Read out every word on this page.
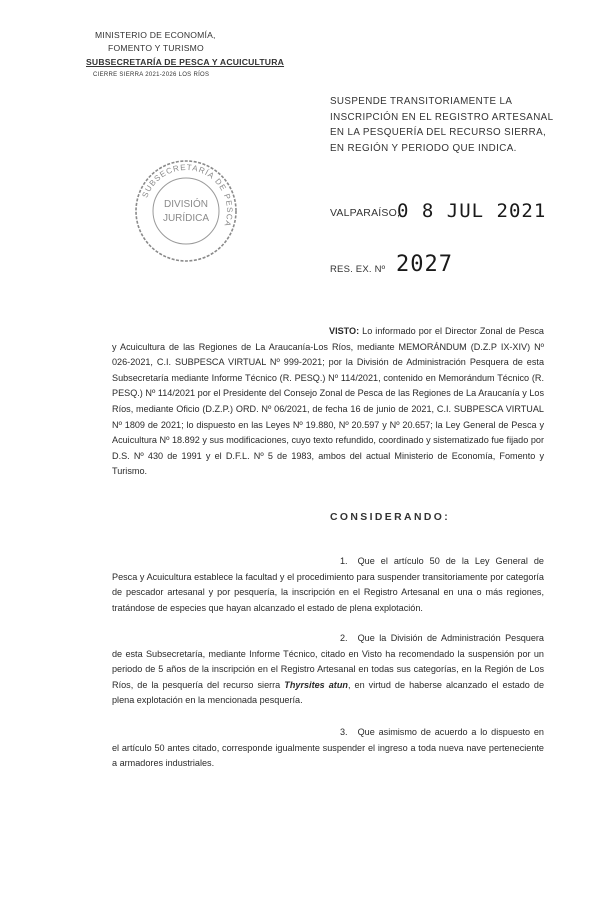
MINISTERIO DE ECONOMÍA,
FOMENTO Y TURISMO
SUBSECRETARÍA DE PESCA Y ACUICULTURA
CIERRE SIERRA 2021-2026 LOS RÍOS
SUSPENDE TRANSITORIAMENTE LA INSCRIPCIÓN EN EL REGISTRO ARTESANAL EN LA PESQUERÍA DEL RECURSO SIERRA, EN REGIÓN Y PERIODO QUE INDICA.
SUBSECRETARÍA DE PESCA
DIVISIÓN
JURÍDICA	VALPARAÍSO,
0 8 JUL 2021
RES. EX. Nº 2027
VISTO: Lo informado por el Director Zonal de Pesca y Acuicultura de las Regiones de La Araucanía-Los Ríos, mediante MEMORÁNDUM (D.Z.P IX-XIV) Nº 026-2021, C.I. SUBPESCA VIRTUAL Nº 999-2021; por la División de Administración Pesquera de esta Subsecretaría mediante Informe Técnico (R. PESQ.) Nº 114/2021, contenido en Memorándum Técnico (R. PESQ.) Nº 114/2021 por el Presidente del Consejo Zonal de Pesca de las Regiones de La Araucanía y Los Ríos, mediante Oficio (D.Z.P.) ORD. Nº 06/2021, de fecha 16 de junio de 2021, C.I. SUBPESCA VIRTUAL Nº 1809 de 2021; lo dispuesto en las Leyes Nº 19.880, Nº 20.597 y Nº 20.657; la Ley General de Pesca y Acuicultura Nº 18.892 y sus modificaciones, cuyo texto refundido, coordinado y sistematizado fue fijado por D.S. Nº 430 de 1991 y el D.F.L. Nº 5 de 1983, ambos del actual Ministerio de Economía, Fomento y Turismo.
CONSIDERANDO:
1. Que el artículo 50 de la Ley General de Pesca y Acuicultura establece la facultad y el procedimiento para suspender transitoriamente por categoría de pescador artesanal y por pesquería, la inscripción en el Registro Artesanal en una o más regiones, tratándose de especies que hayan alcanzado el estado de plena explotación.
2. Que la División de Administración Pesquera de esta Subsecretaría, mediante Informe Técnico, citado en Visto ha recomendado la suspensión por un periodo de 5 años de la inscripción en el Registro Artesanal en todas sus categorías, en la Región de Los Ríos, de la pesquería del recurso sierra Thyrsites atun, en virtud de haberse alcanzado el estado de plena explotación en la mencionada pesquería.
3. Que asimismo de acuerdo a lo dispuesto en el artículo 50 antes citado, corresponde igualmente suspender el ingreso a toda nueva nave perteneciente a armadores industriales.
